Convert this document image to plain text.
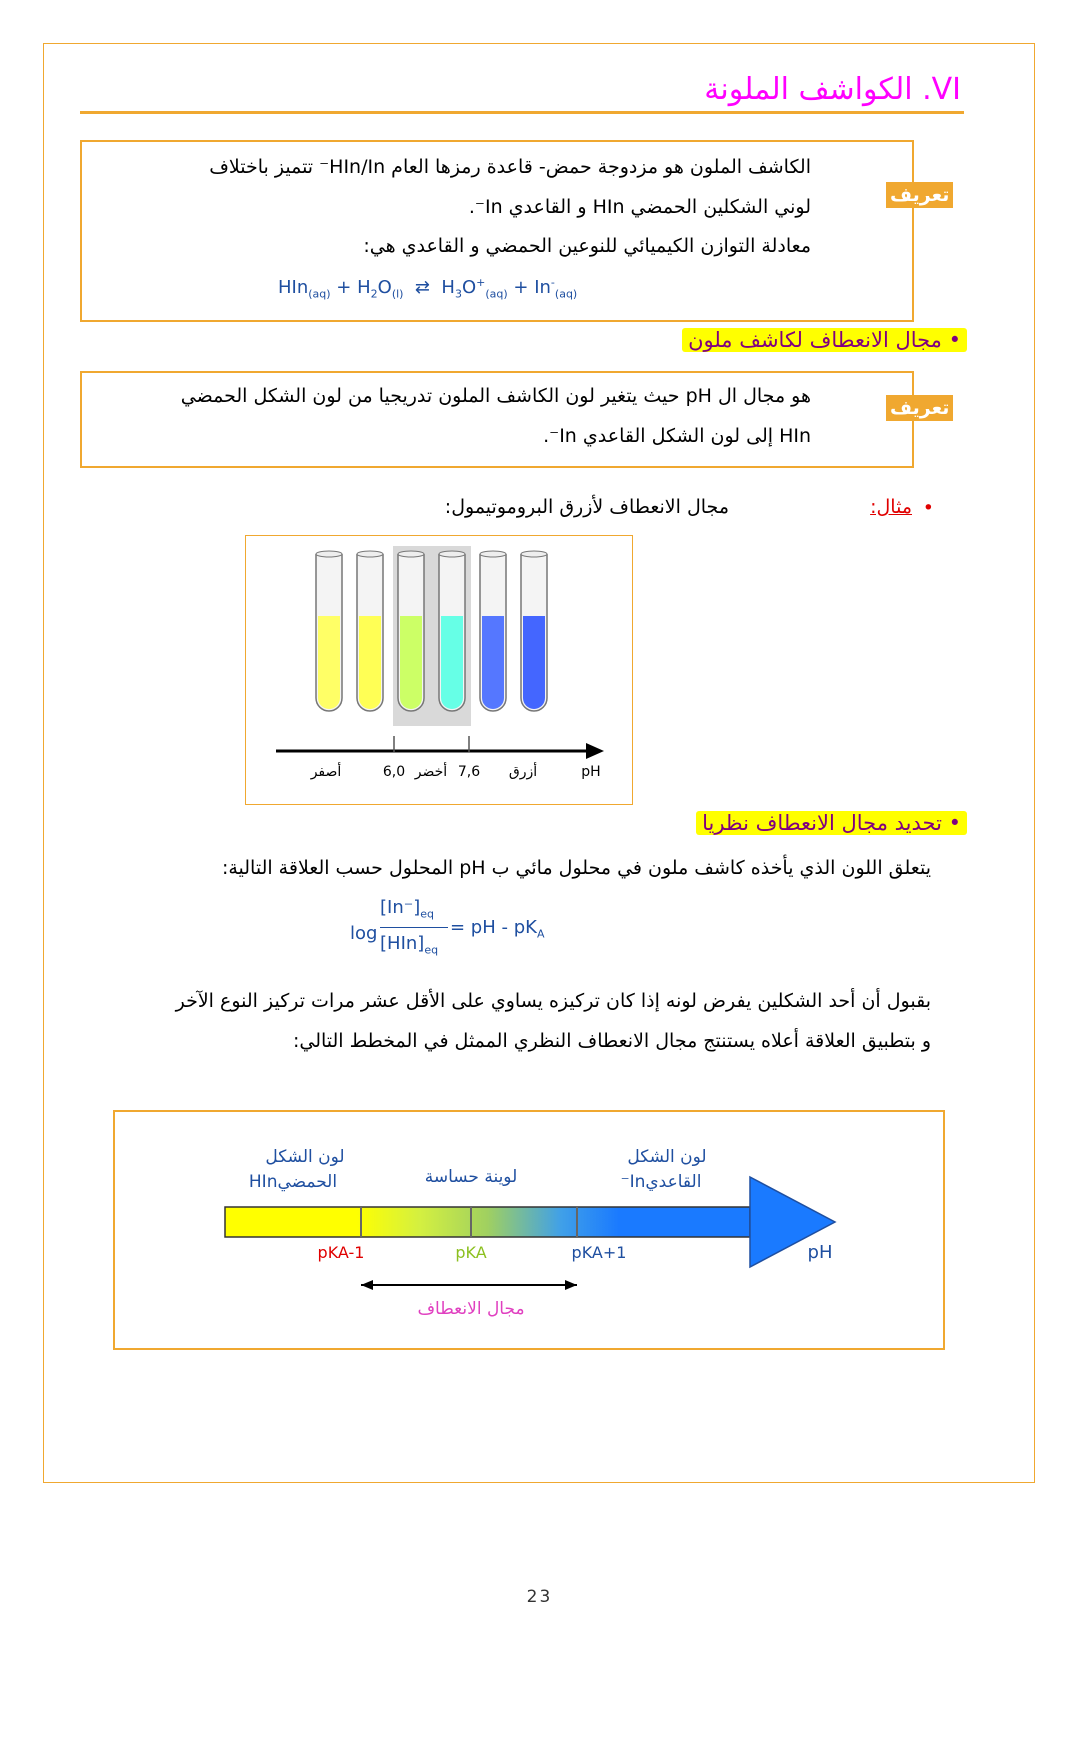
VI. الكواشف الملونة
تعريف
الكاشف الملون هو مزدوجة حمض- قاعدة رمزها العام HIn/In⁻ تتميز باختلاف
لوني الشكلين الحمضي HIn و القاعدي In⁻.
معادلة التوازن الكيميائي للنوعين الحمضي و القاعدي هي:
$HIn_{(aq)} + H_2O_{(l)}$  ⇄  $H_3O^+_{(aq)} + In^-_{(aq)}$
• مجال الانعطاف لكاشف ملون
تعريف
هو مجال ال pH حيث يتغير لون الكاشف الملون تدريجيا من لون الشكل الحمضي
HIn إلى لون الشكل القاعدي In⁻.
•
مثال:
مجال الانعطاف لأزرق البروموتيمول:
أصفر	6,0 أخضر 7,6 أزرق	pH
• تحديد مجال الانعطاف نظريا
يتعلق اللون الذي يأخذه كاشف ملون في محلول مائي ب pH المحلول حسب العلاقة التالية:
log
$[In^-]_{eq}$
$[HIn]_{eq}$
= pH - $pK_A$
بقبول أن أحد الشكلين يفرض لونه إذا كان تركيزه يساوي على الأقل عشر مرات تركيز النوع الآخر
و بتطبيق العلاقة أعلاه يستنتج مجال الانعطاف النظري الممثل في المخطط التالي:
لون الشكل
الحمضيHIn	لوينة حساسة
لون الشكل
القاعديIn⁻
pKA-1	pKA	pKA+1	pH
مجال الانعطاف
23
